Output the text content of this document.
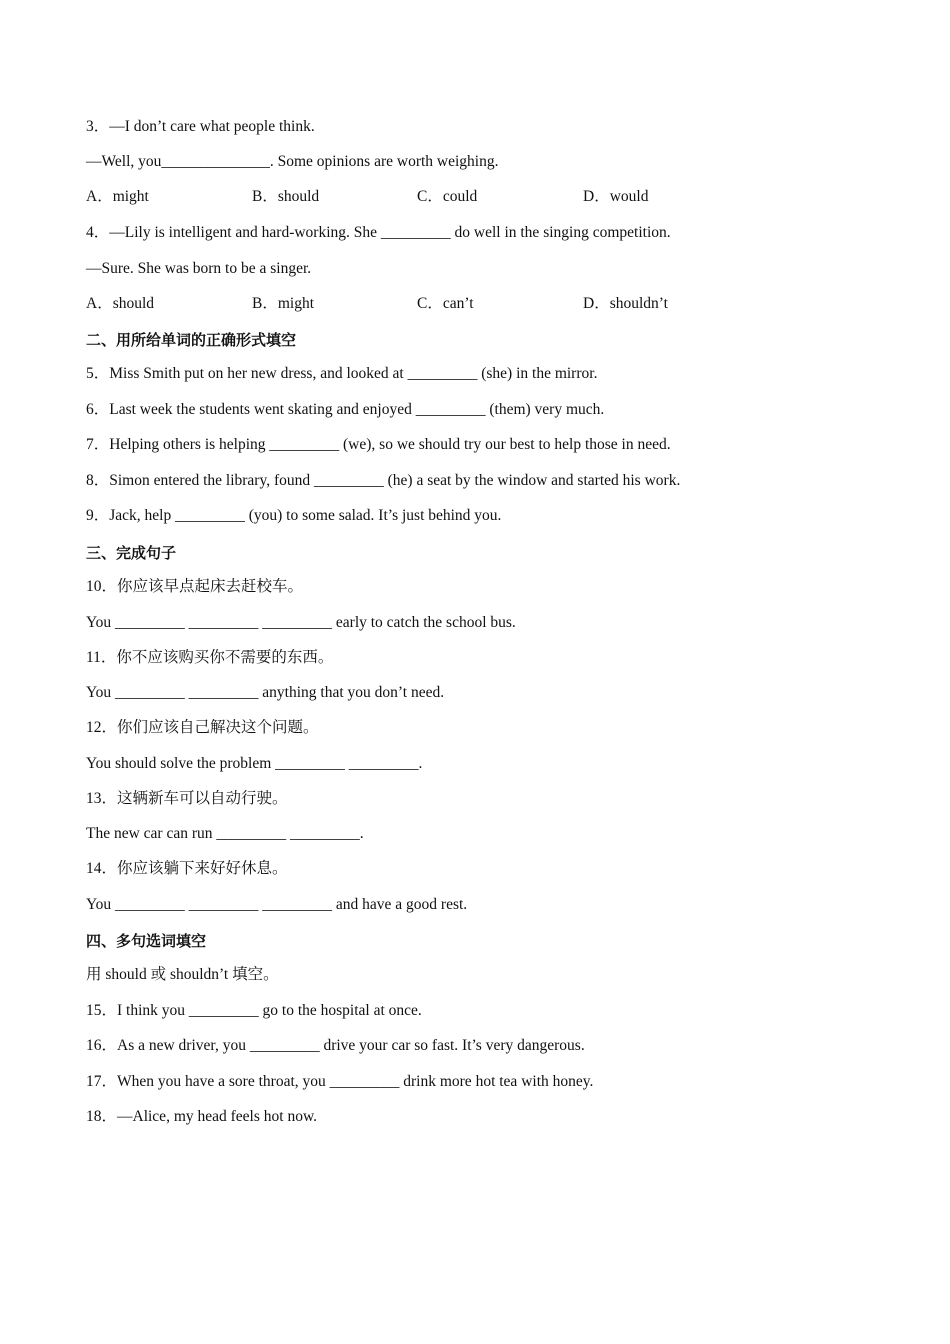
3．—I don’t care what people think.
—Well, you______________. Some opinions are worth weighing.
A．might	B．should	C．could	D．would
4．—Lily is intelligent and hard-working. She _________ do well in the singing competition.
—Sure. She was born to be a singer.
A．should	B．might	C．can’t	D．shouldn’t
二、用所给单词的正确形式填空
5．Miss Smith put on her new dress, and looked at _________ (she) in the mirror.
6．Last week the students went skating and enjoyed _________ (them) very much.
7．Helping others is helping _________ (we), so we should try our best to help those in need.
8．Simon entered the library, found _________ (he) a seat by the window and started his work.
9．Jack, help _________ (you) to some salad. It’s just behind you.
三、完成句子
10．你应该早点起床去赶校车。
You _________ _________ _________ early to catch the school bus.
11．你不应该购买你不需要的东西。
You _________ _________ anything that you don’t need.
12．你们应该自己解决这个问题。
You should solve the problem _________ _________.
13．这辆新车可以自动行驶。
The new car can run _________ _________.
14．你应该躺下来好好休息。
You _________ _________ _________ and have a good rest.
四、多句选词填空
用 should 或 shouldn’t 填空。
15．I think you _________ go to the hospital at once.
16．As a new driver, you _________ drive your car so fast. It’s very dangerous.
17．When you have a sore throat, you _________ drink more hot tea with honey.
18．—Alice, my head feels hot now.
